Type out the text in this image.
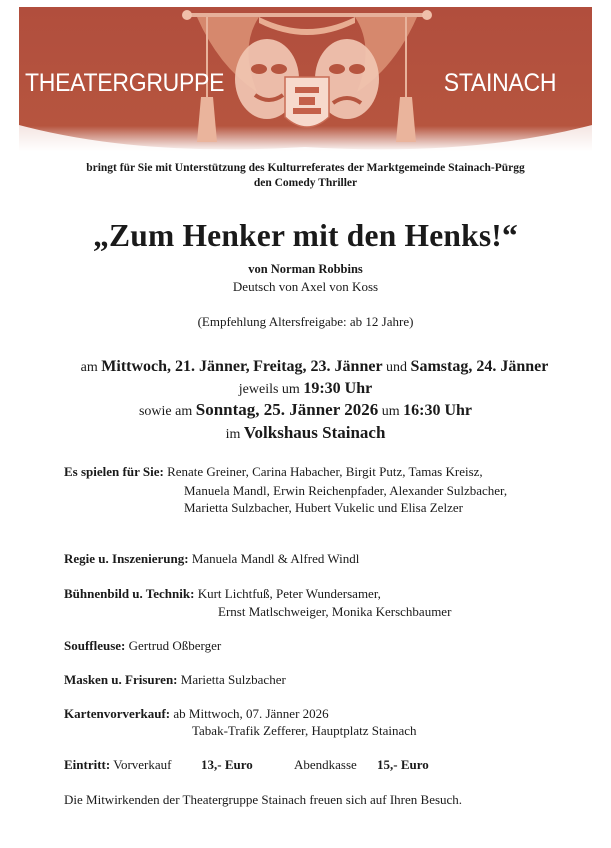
THEATERGRUPPE	STAINACH
bringt für Sie mit Unterstützung des Kulturreferates der Marktgemeinde Stainach-Pürgg
den Comedy Thriller
„Zum Henker mit den Henks!“
von Norman Robbins
Deutsch von Axel von Koss
(Empfehlung Altersfreigabe: ab 12 Jahre)
am Mittwoch, 21. Jänner, Freitag, 23. Jänner und Samstag, 24. Jänner
jeweils um 19:30 Uhr
sowie am Sonntag, 25. Jänner 2026 um 16:30 Uhr
im Volkshaus Stainach
Es spielen für Sie: Renate Greiner, Carina Habacher, Birgit Putz, Tamas Kreisz,
Manuela Mandl, Erwin Reichenpfader, Alexander Sulzbacher,
Marietta Sulzbacher, Hubert Vukelic und Elisa Zelzer
Regie u. Inszenierung: Manuela Mandl & Alfred Windl
Bühnenbild u. Technik: Kurt Lichtfuß, Peter Wundersamer,
Ernst Matlschweiger, Monika Kerschbaumer
Souffleuse: Gertrud Oßberger
Masken u. Frisuren: Marietta Sulzbacher
Kartenvorverkauf: ab Mittwoch, 07. Jänner 2026
Tabak-Trafik Zefferer, Hauptplatz Stainach
Eintritt: Vorverkauf 13,- Euro	Abendkasse 15,- Euro
Die Mitwirkenden der Theatergruppe Stainach freuen sich auf Ihren Besuch.
